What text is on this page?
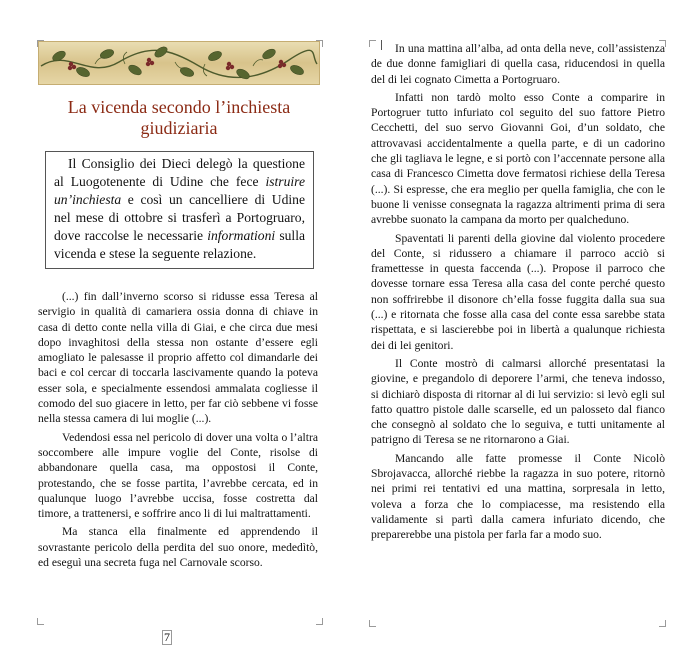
La vicenda secondo l’inchiesta giudiziaria

Il Consiglio dei Dieci delegò la questione al Luogotenente di Udine che fece istruire un’inchiesta e così un cancelliere di Udine nel mese di ottobre si trasferì a Portogruaro, dove raccolse le necessarie informationi sulla vicenda e stese la seguente relazione.

(...) fin dall’inverno scorso si ridusse essa Teresa al servigio in qualità di camariera ossia donna di chiave in casa di detto conte nella villa di Giai, e che circa due mesi dopo invaghitosi della stessa non ostante d’essere egli amogliato le palesasse il proprio affetto col dimandarle dei baci e col cercar di toccarla lascivamente quando la poteva esser sola, e specialmente essendosi ammalata cogliesse il comodo del suo giacere in letto, per far ciò sebbene vi fosse nella stessa camera di lui moglie (...).

Vedendosi essa nel pericolo di dover una volta o l’altra soccombere alle impure voglie del Conte, risolse di abbandonare quella casa, ma oppostosi il Conte, protestando, che se fosse partita, l’avrebbe cercata, ed in qualunque luogo l’avrebbe uccisa, fosse costretta dal timore, a trattenersi, e soffrire anco li di lui maltrattamenti.

Ma stanca ella finalmente ed apprendendo il sovrastante pericolo della perdita del suo onore, mededìtò, ed eseguì una secreta fuga nel Carnovale scorso.

In una mattina all’alba, ad onta della neve, coll’assistenza de due donne famigliari di quella casa, riducendosi in quella del di lei cognato Cimetta a Portogruaro.

Infatti non tardò molto esso Conte a comparire in Portogruer tutto infuriato col seguito del suo fattore Pietro Cecchetti, del suo servo Giovanni Goi, d’un soldato, che attrovavasi accidentalmente a quella parte, e di un cadorino che gli tagliava le legne, e si portò con l’accennate persone alla casa di Francesco Cimetta dove fermatosi richiese della Teresa (...). Si espresse, che era meglio per quella famiglia, che con le buone li venisse consegnata la ragazza altrimenti prima di sera avrebbe suonato la campana da morto per qualcheduno.

Spaventati li parenti della giovine dal violento procedere del Conte, si ridussero a chiamare il parroco acciò si framettesse in questa faccenda (...). Propose il parroco che dovesse tornare essa Teresa alla casa del conte perché questo non soffrirebbe il disonore ch’ella fosse fuggita dalla sua sua (...) e ritornata che fosse alla casa del conte essa sarebbe stata rispettata, e si lascierebbe poi in libertà a qualunque richiesta dei di lei genitori.

Il Conte mostrò di calmarsi allorché presentatasi la giovine, e pregandolo di deporere l’armi, che teneva indosso, si dichiarò disposta di ritornar al di lui servizio: si levò egli sul fatto quattro pistole dalle scarselle, ed un palosseto dal fianco che consegnò al soldato che lo seguiva, e tutti unitamente al patrigno di Teresa se ne ritornarono a Giai.

Mancando alle fatte promesse il Conte Nicolò Sbrojavacca, allorché riebbe la ragazza in suo potere, ritornò nei primi rei tentativi ed una mattina, sorpresala in letto, voleva a forza che lo compiacesse, ma resistendo ella validamente si partì dalla camera infuriato dicendo, che preparerebbe una pistola per farla far a modo suo.

7
